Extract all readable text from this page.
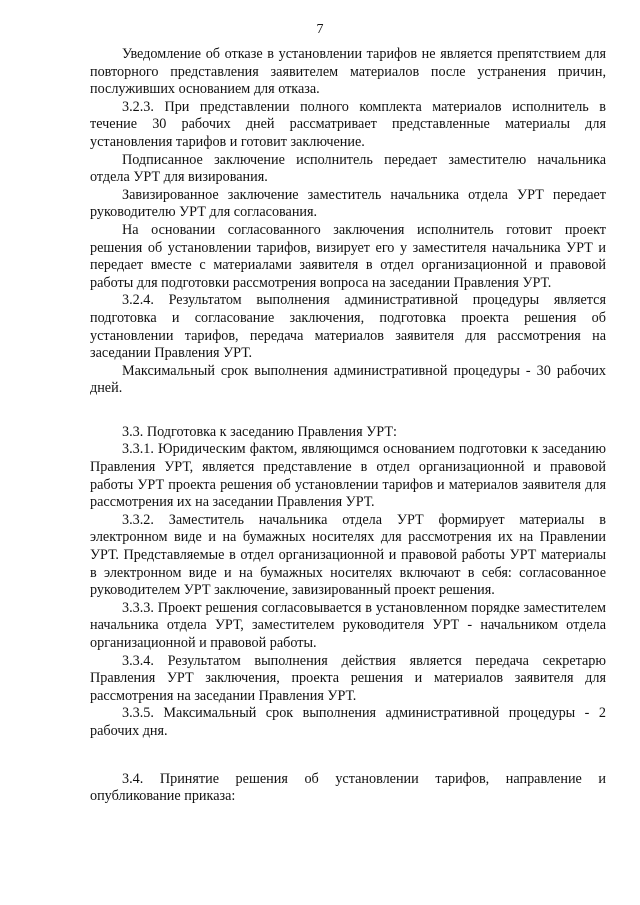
7

Уведомление об отказе в установлении тарифов не является препятствием для повторного представления заявителем материалов после устранения причин, послуживших основанием для отказа.

3.2.3. При представлении полного комплекта материалов исполнитель в течение 30 рабочих дней рассматривает представленные материалы для установления тарифов и готовит заключение.

Подписанное заключение исполнитель передает заместителю начальника отдела УРТ для визирования.

Завизированное заключение заместитель начальника отдела УРТ передает руководителю УРТ для согласования.

На основании согласованного заключения исполнитель готовит проект решения об установлении тарифов, визирует его у заместителя начальника УРТ и передает вместе с материалами заявителя в отдел организационной и правовой работы для подготовки рассмотрения вопроса на заседании Правления УРТ.

3.2.4. Результатом выполнения административной процедуры является подготовка и согласование заключения, подготовка проекта решения об установлении тарифов, передача материалов заявителя для рассмотрения на заседании Правления УРТ.

Максимальный срок выполнения административной процедуры - 30 рабочих дней.

3.3. Подготовка к заседанию Правления УРТ:

3.3.1. Юридическим фактом, являющимся основанием подготовки к заседанию Правления УРТ, является представление в отдел организационной и правовой работы УРТ проекта решения об установлении тарифов и материалов заявителя для рассмотрения их на заседании Правления УРТ.

3.3.2. Заместитель начальника отдела УРТ формирует материалы в электронном виде и на бумажных носителях для рассмотрения их на Правлении УРТ. Представляемые в отдел организационной и правовой работы УРТ материалы в электронном виде и на бумажных носителях включают в себя: согласованное руководителем УРТ заключение, завизированный проект решения.

3.3.3. Проект решения согласовывается в установленном порядке заместителем начальника отдела УРТ, заместителем руководителя УРТ - начальником отдела организационной и правовой работы.

3.3.4. Результатом выполнения действия является передача секретарю Правления УРТ заключения, проекта решения и материалов заявителя для рассмотрения на заседании Правления УРТ.

3.3.5. Максимальный срок выполнения административной процедуры - 2 рабочих дня.

3.4. Принятие решения об установлении тарифов, направление и опубликование приказа:
